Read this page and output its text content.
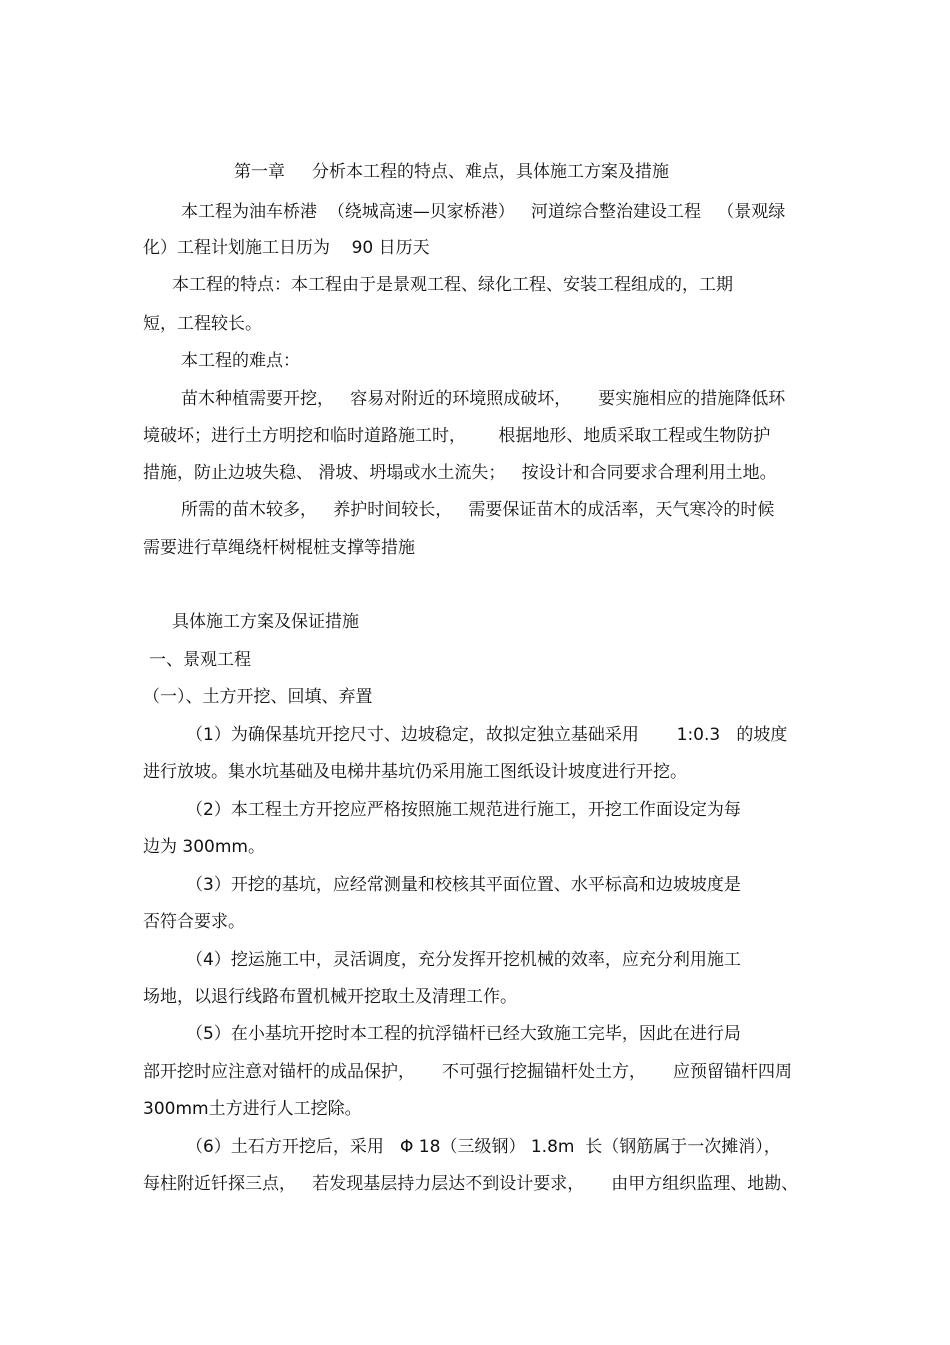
第一章     分析本工程的特点、难点，具体施工方案及措施
本工程为油车桥港  （绕城高速—贝家桥港）   河道综合整治建设工程   （景观绿
化）工程计划施工日历为    90 日历天
本工程的特点：本工程由于是景观工程、绿化工程、安装工程组成的，工期
短，工程较长。
本工程的难点：
苗木种植需要开挖，   容易对附近的环境照成破坏，     要实施相应的措施降低环
境破坏；进行土方明挖和临时道路施工时，      根据地形、地质采取工程或生物防护
措施，防止边坡失稳、 滑坡、坍塌或水土流失；   按设计和合同要求合理利用土地。
所需的苗木较多，   养护时间较长，   需要保证苗木的成活率，天气寒冷的时候
需要进行草绳绕杆树棍桩支撑等措施
具体施工方案及保证措施
一、景观工程
（一）、土方开挖、回填、弃置
（1）为确保基坑开挖尺寸、边坡稳定，故拟定独立基础采用       1:0.3   的坡度
进行放坡。集水坑基础及电梯井基坑仍采用施工图纸设计坡度进行开挖。
（2）本工程土方开挖应严格按照施工规范进行施工，开挖工作面设定为每
边为 300mm。
（3）开挖的基坑，应经常测量和校核其平面位置、水平标高和边坡坡度是
否符合要求。
（4）挖运施工中，灵活调度，充分发挥开挖机械的效率，应充分利用施工
场地，以退行线路布置机械开挖取土及清理工作。
（5）在小基坑开挖时本工程的抗浮锚杆已经大致施工完毕，因此在进行局
部开挖时应注意对锚杆的成品保护，     不可强行挖掘锚杆处土方，     应预留锚杆四周
300mm土方进行人工挖除。
（6）土石方开挖后，采用   Φ 18（三级钢） 1.8m  长（钢筋属于一次摊消），
每柱附近钎探三点，   若发现基层持力层达不到设计要求，     由甲方组织监理、地勘、
